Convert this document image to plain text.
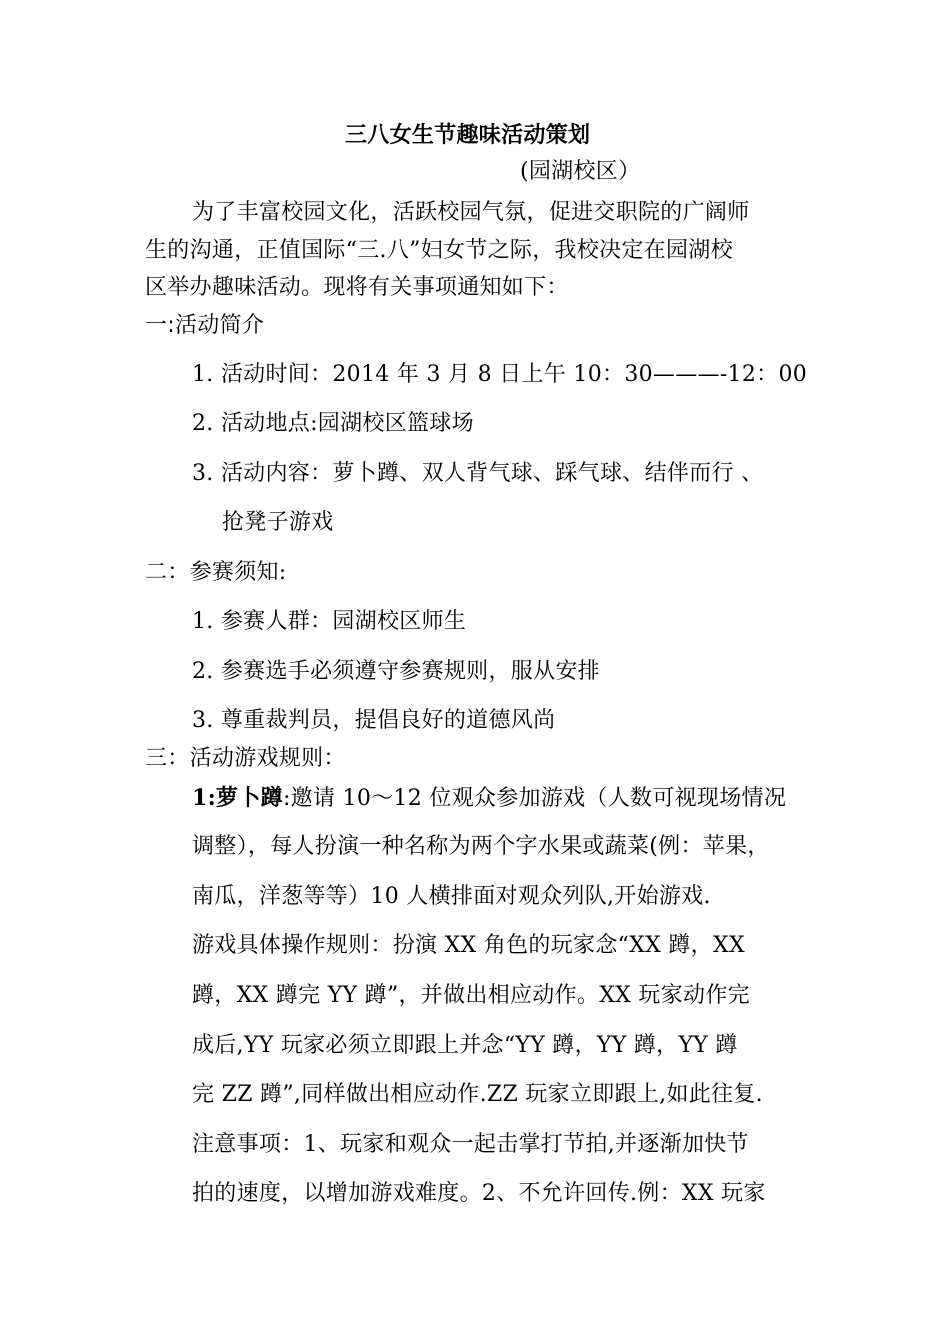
三八女生节趣味活动策划
(园湖校区）
为了丰富校园文化，活跃校园气氛，促进交职院的广阔师
生的沟通，正值国际“三.八”妇女节之际，我校决定在园湖校
区举办趣味活动。现将有关事项通知如下：
一:活动简介
1. 活动时间：2014 年 3 月 8 日上午 10：30———-12：00
2. 活动地点:园湖校区篮球场
3. 活动内容：萝卜蹲、双人背气球、踩气球、结伴而行 、
抢凳子游戏
二：参赛须知:
1. 参赛人群：园湖校区师生
2. 参赛选手必须遵守参赛规则，服从安排
3. 尊重裁判员，提倡良好的道德风尚
三：活动游戏规则：
1:萝卜蹲:邀请 10～12 位观众参加游戏（人数可视现场情况
调整），每人扮演一种名称为两个字水果或蔬菜(例：苹果，
南瓜，洋葱等等）10 人横排面对观众列队,开始游戏.
游戏具体操作规则：扮演 XX 角色的玩家念“XX 蹲，XX
蹲，XX 蹲完 YY 蹲”，并做出相应动作。XX 玩家动作完
成后,YY 玩家必须立即跟上并念“YY 蹲，YY 蹲，YY 蹲
完 ZZ 蹲”,同样做出相应动作.ZZ 玩家立即跟上,如此往复.
注意事项：1、玩家和观众一起击掌打节拍,并逐渐加快节
拍的速度，以增加游戏难度。2、不允许回传.例：XX 玩家
